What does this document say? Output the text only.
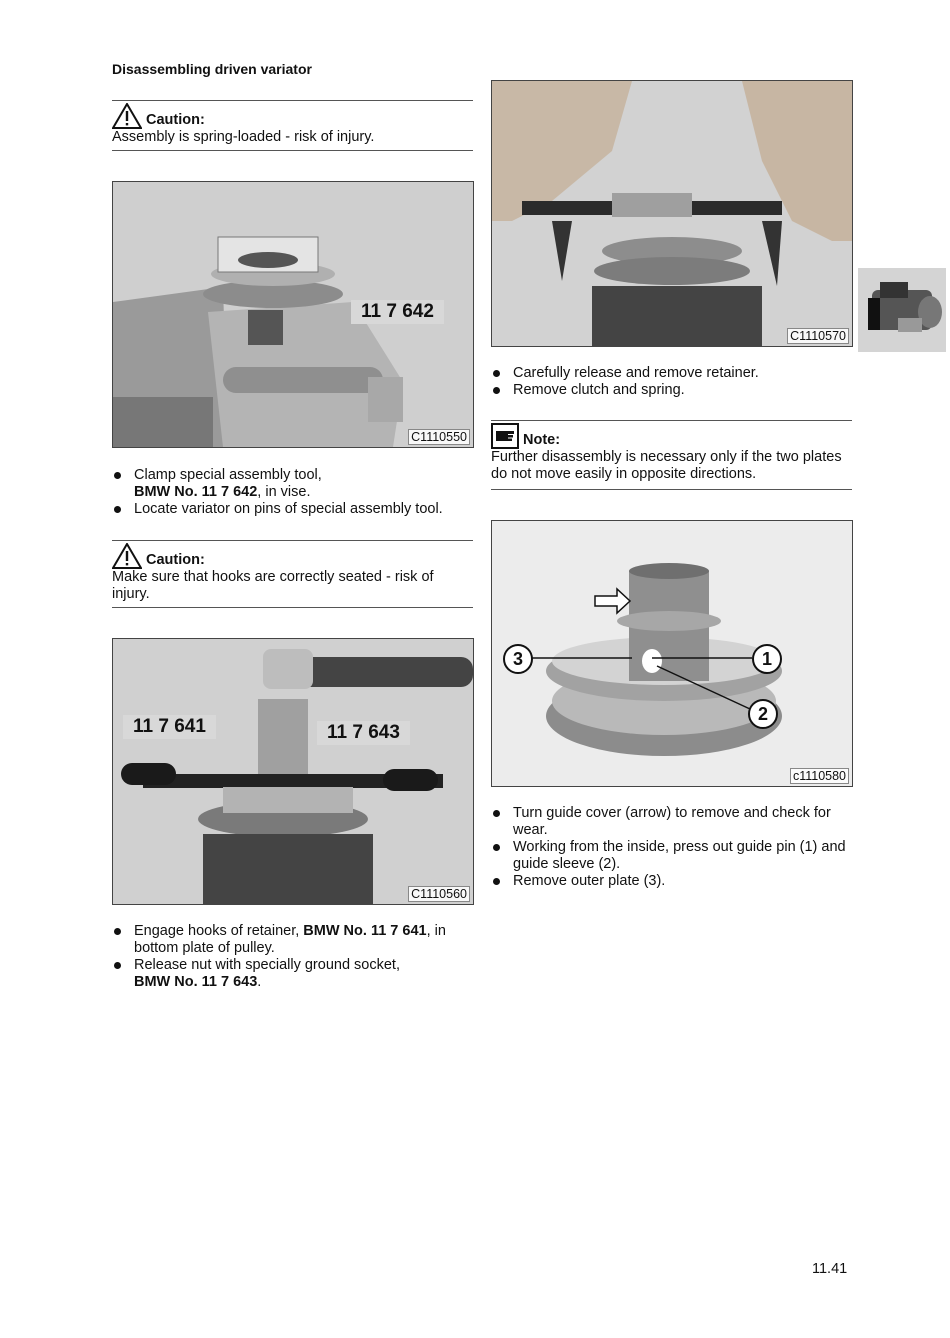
Disassembling driven variator
Caution:
Assembly is spring-loaded - risk of injury.
11 7 642
C1110550
Clamp special assembly tool,
BMW No. 11 7 642, in vise.
Locate variator on pins of special assembly tool.
Caution:
Make sure that hooks are correctly seated - risk of injury.
11 7 641	11 7 643
C1110560
Engage hooks of retainer, BMW No. 11 7 641, in bottom plate of pulley.
Release nut with specially ground socket,
BMW No. 11 7 643.
C1110570
Carefully release and remove retainer.
Remove clutch and spring.
Note:
Further disassembly is necessary only if the two plates do not move easily in opposite directions.
3	1
2
c1110580
Turn guide cover (arrow) to remove and check for wear.
Working from the inside, press out guide pin (1) and guide sleeve (2).
Remove outer plate (3).
11.41
